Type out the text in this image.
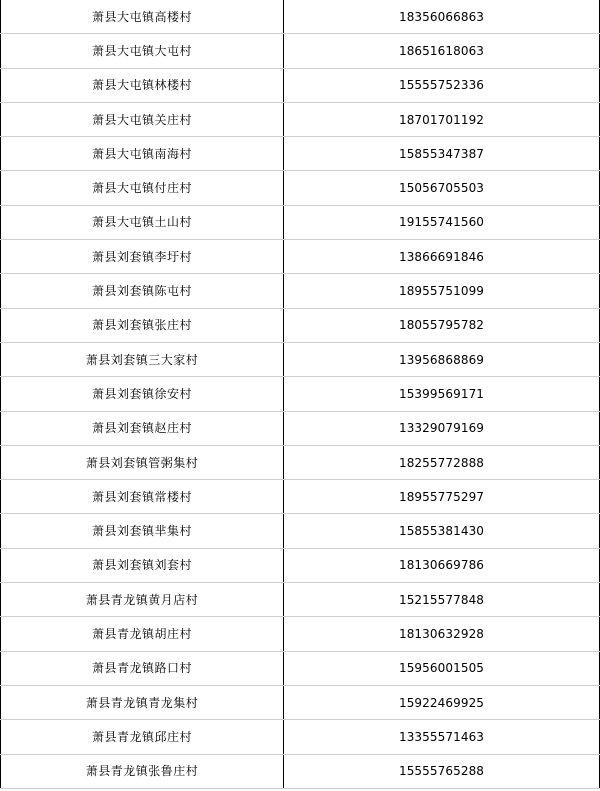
萧县大屯镇高楼村	18356066863
萧县大屯镇大屯村	18651618063
萧县大屯镇林楼村	15555752336
萧县大屯镇关庄村	18701701192
萧县大屯镇南海村	15855347387
萧县大屯镇付庄村	15056705503
萧县大屯镇土山村	19155741560
萧县刘套镇李圩村	13866691846
萧县刘套镇陈屯村	18955751099
萧县刘套镇张庄村	18055795782
萧县刘套镇三大家村	13956868869
萧县刘套镇徐安村	15399569171
萧县刘套镇赵庄村	13329079169
萧县刘套镇管粥集村	18255772888
萧县刘套镇常楼村	18955775297
萧县刘套镇芈集村	15855381430
萧县刘套镇刘套村	18130669786
萧县青龙镇黄月店村	15215577848
萧县青龙镇胡庄村	18130632928
萧县青龙镇路口村	15956001505
萧县青龙镇青龙集村	15922469925
萧县青龙镇邱庄村	13355571463
萧县青龙镇张鲁庄村	15555765288
